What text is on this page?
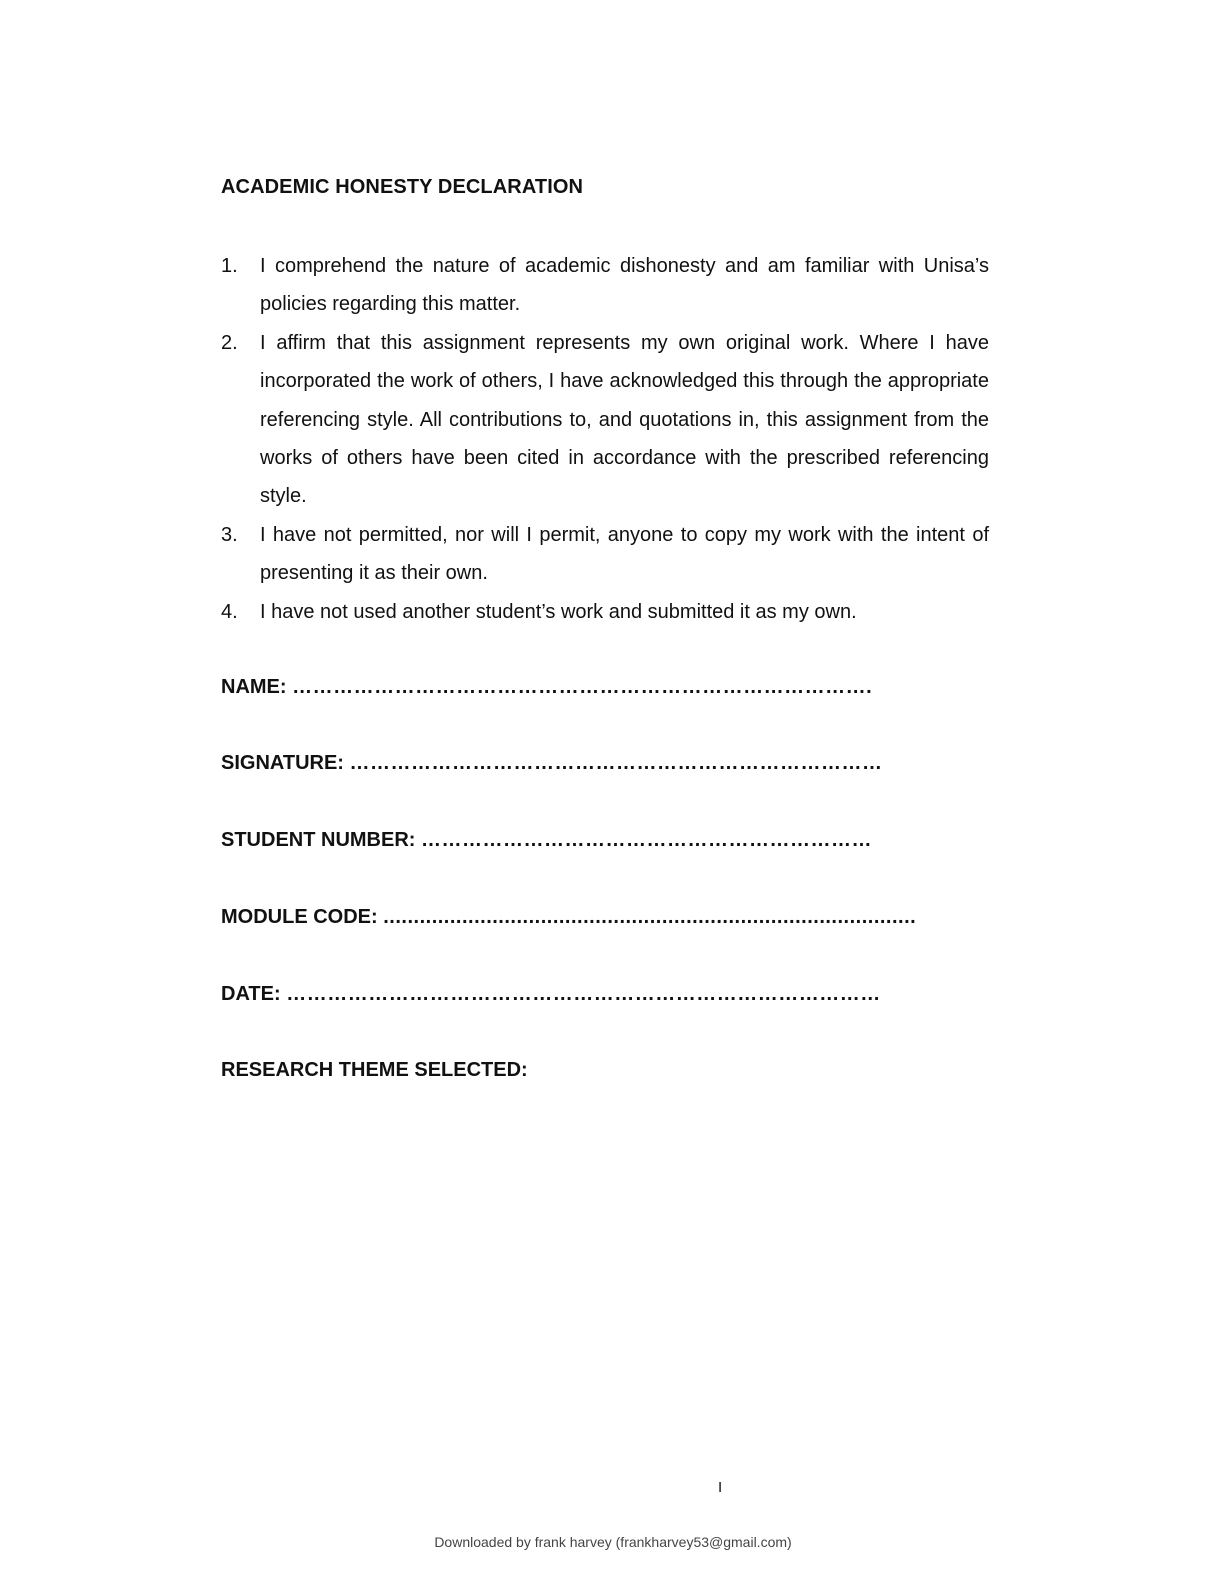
ACADEMIC HONESTY DECLARATION
1. I comprehend the nature of academic dishonesty and am familiar with Unisa’s policies regarding this matter.
2. I affirm that this assignment represents my own original work. Where I have incorporated the work of others, I have acknowledged this through the appropriate referencing style. All contributions to, and quotations in, this assignment from the works of others have been cited in accordance with the prescribed referencing style.
3. I have not permitted, nor will I permit, anyone to copy my work with the intent of presenting it as their own.
4. I have not used another student’s work and submitted it as my own.
NAME: ………………………………………………………………………….
SIGNATURE: ……………………………………………………………………
STUDENT NUMBER: …………………………………………………………
MODULE CODE: ........................................................................................
DATE: ……………………………………………………………………………
RESEARCH THEME SELECTED:
I
Downloaded by frank harvey (frankharvey53@gmail.com)
